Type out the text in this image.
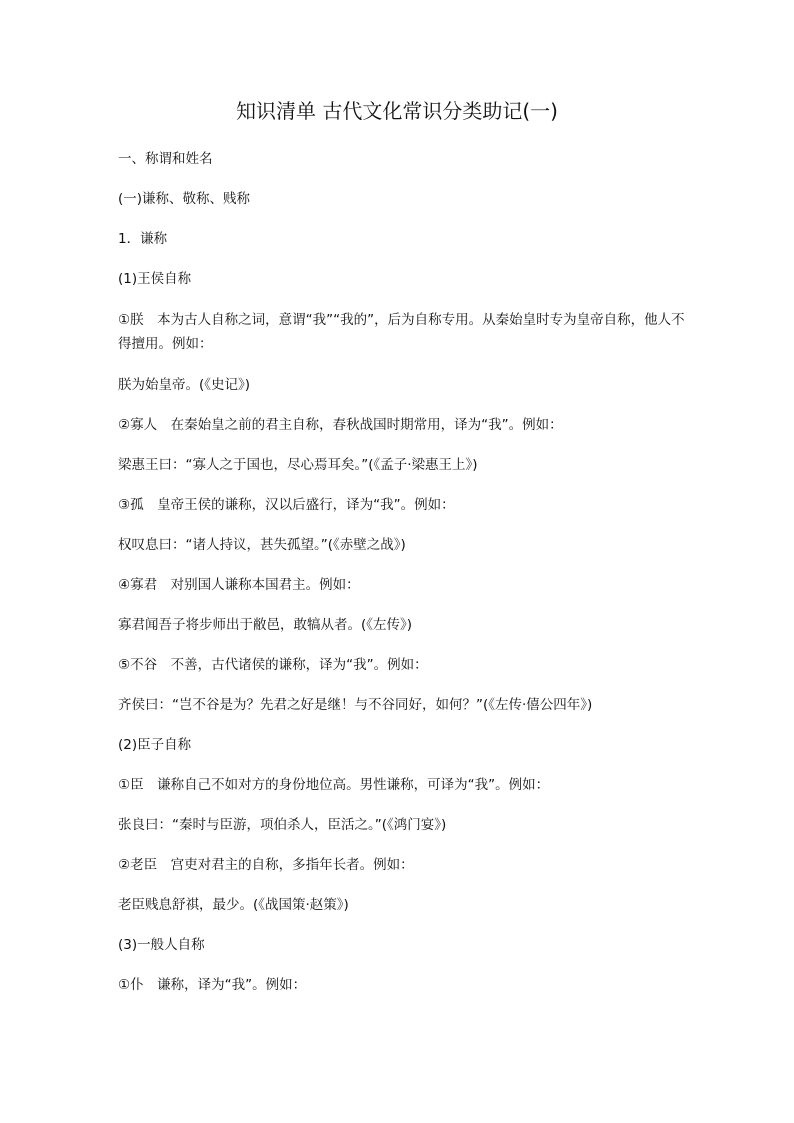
知识清单 古代文化常识分类助记(一)

一、称谓和姓名

(一)谦称、敬称、贱称

1．谦称

(1)王侯自称

①朕　本为古人自称之词，意谓“我”“我的”，后为自称专用。从秦始皇时专为皇帝自称，他人不得擅用。例如：

朕为始皇帝。(《史记》)

②寡人　在秦始皇之前的君主自称，春秋战国时期常用，译为“我”。例如：

梁惠王曰：“寡人之于国也，尽心焉耳矣。”(《孟子·梁惠王上》)

③孤　皇帝王侯的谦称，汉以后盛行，译为“我”。例如：

权叹息曰：“诸人持议，甚失孤望。”(《赤壁之战》)

④寡君　对别国人谦称本国君主。例如：

寡君闻吾子将步师出于敝邑，敢犒从者。(《左传》)

⑤不谷　不善，古代诸侯的谦称，译为“我”。例如：

齐侯曰：“岂不谷是为？先君之好是继！与不谷同好，如何？”(《左传·僖公四年》)

(2)臣子自称

①臣　谦称自己不如对方的身份地位高。男性谦称，可译为“我”。例如：

张良曰：“秦时与臣游，项伯杀人，臣活之。”(《鸿门宴》)

②老臣　宫吏对君主的自称，多指年长者。例如：

老臣贱息舒祺，最少。(《战国策·赵策》)

(3)一般人自称

①仆　谦称，译为“我”。例如：
